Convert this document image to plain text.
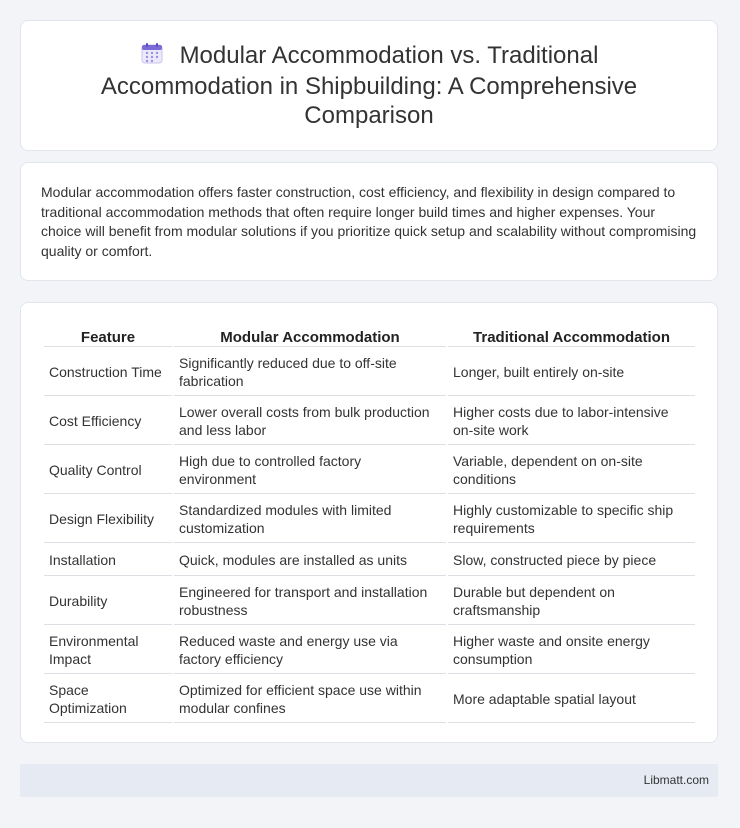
Modular Accommodation vs. Traditional Accommodation in Shipbuilding: A Comprehensive Comparison

Modular accommodation offers faster construction, cost efficiency, and flexibility in design compared to traditional accommodation methods that often require longer build times and higher expenses. Your choice will benefit from modular solutions if you prioritize quick setup and scalability without compromising quality or comfort.

Feature	Modular Accommodation	Traditional Accommodation
Construction Time	Significantly reduced due to off-site fabrication	Longer, built entirely on-site
Cost Efficiency	Lower overall costs from bulk production and less labor	Higher costs due to labor-intensive on-site work
Quality Control	High due to controlled factory environment	Variable, dependent on on-site conditions
Design Flexibility	Standardized modules with limited customization	Highly customizable to specific ship requirements
Installation	Quick, modules are installed as units	Slow, constructed piece by piece
Durability	Engineered for transport and installation robustness	Durable but dependent on craftsmanship
Environmental Impact	Reduced waste and energy use via factory efficiency	Higher waste and onsite energy consumption
Space Optimization	Optimized for efficient space use within modular confines	More adaptable spatial layout
Libmatt.com
